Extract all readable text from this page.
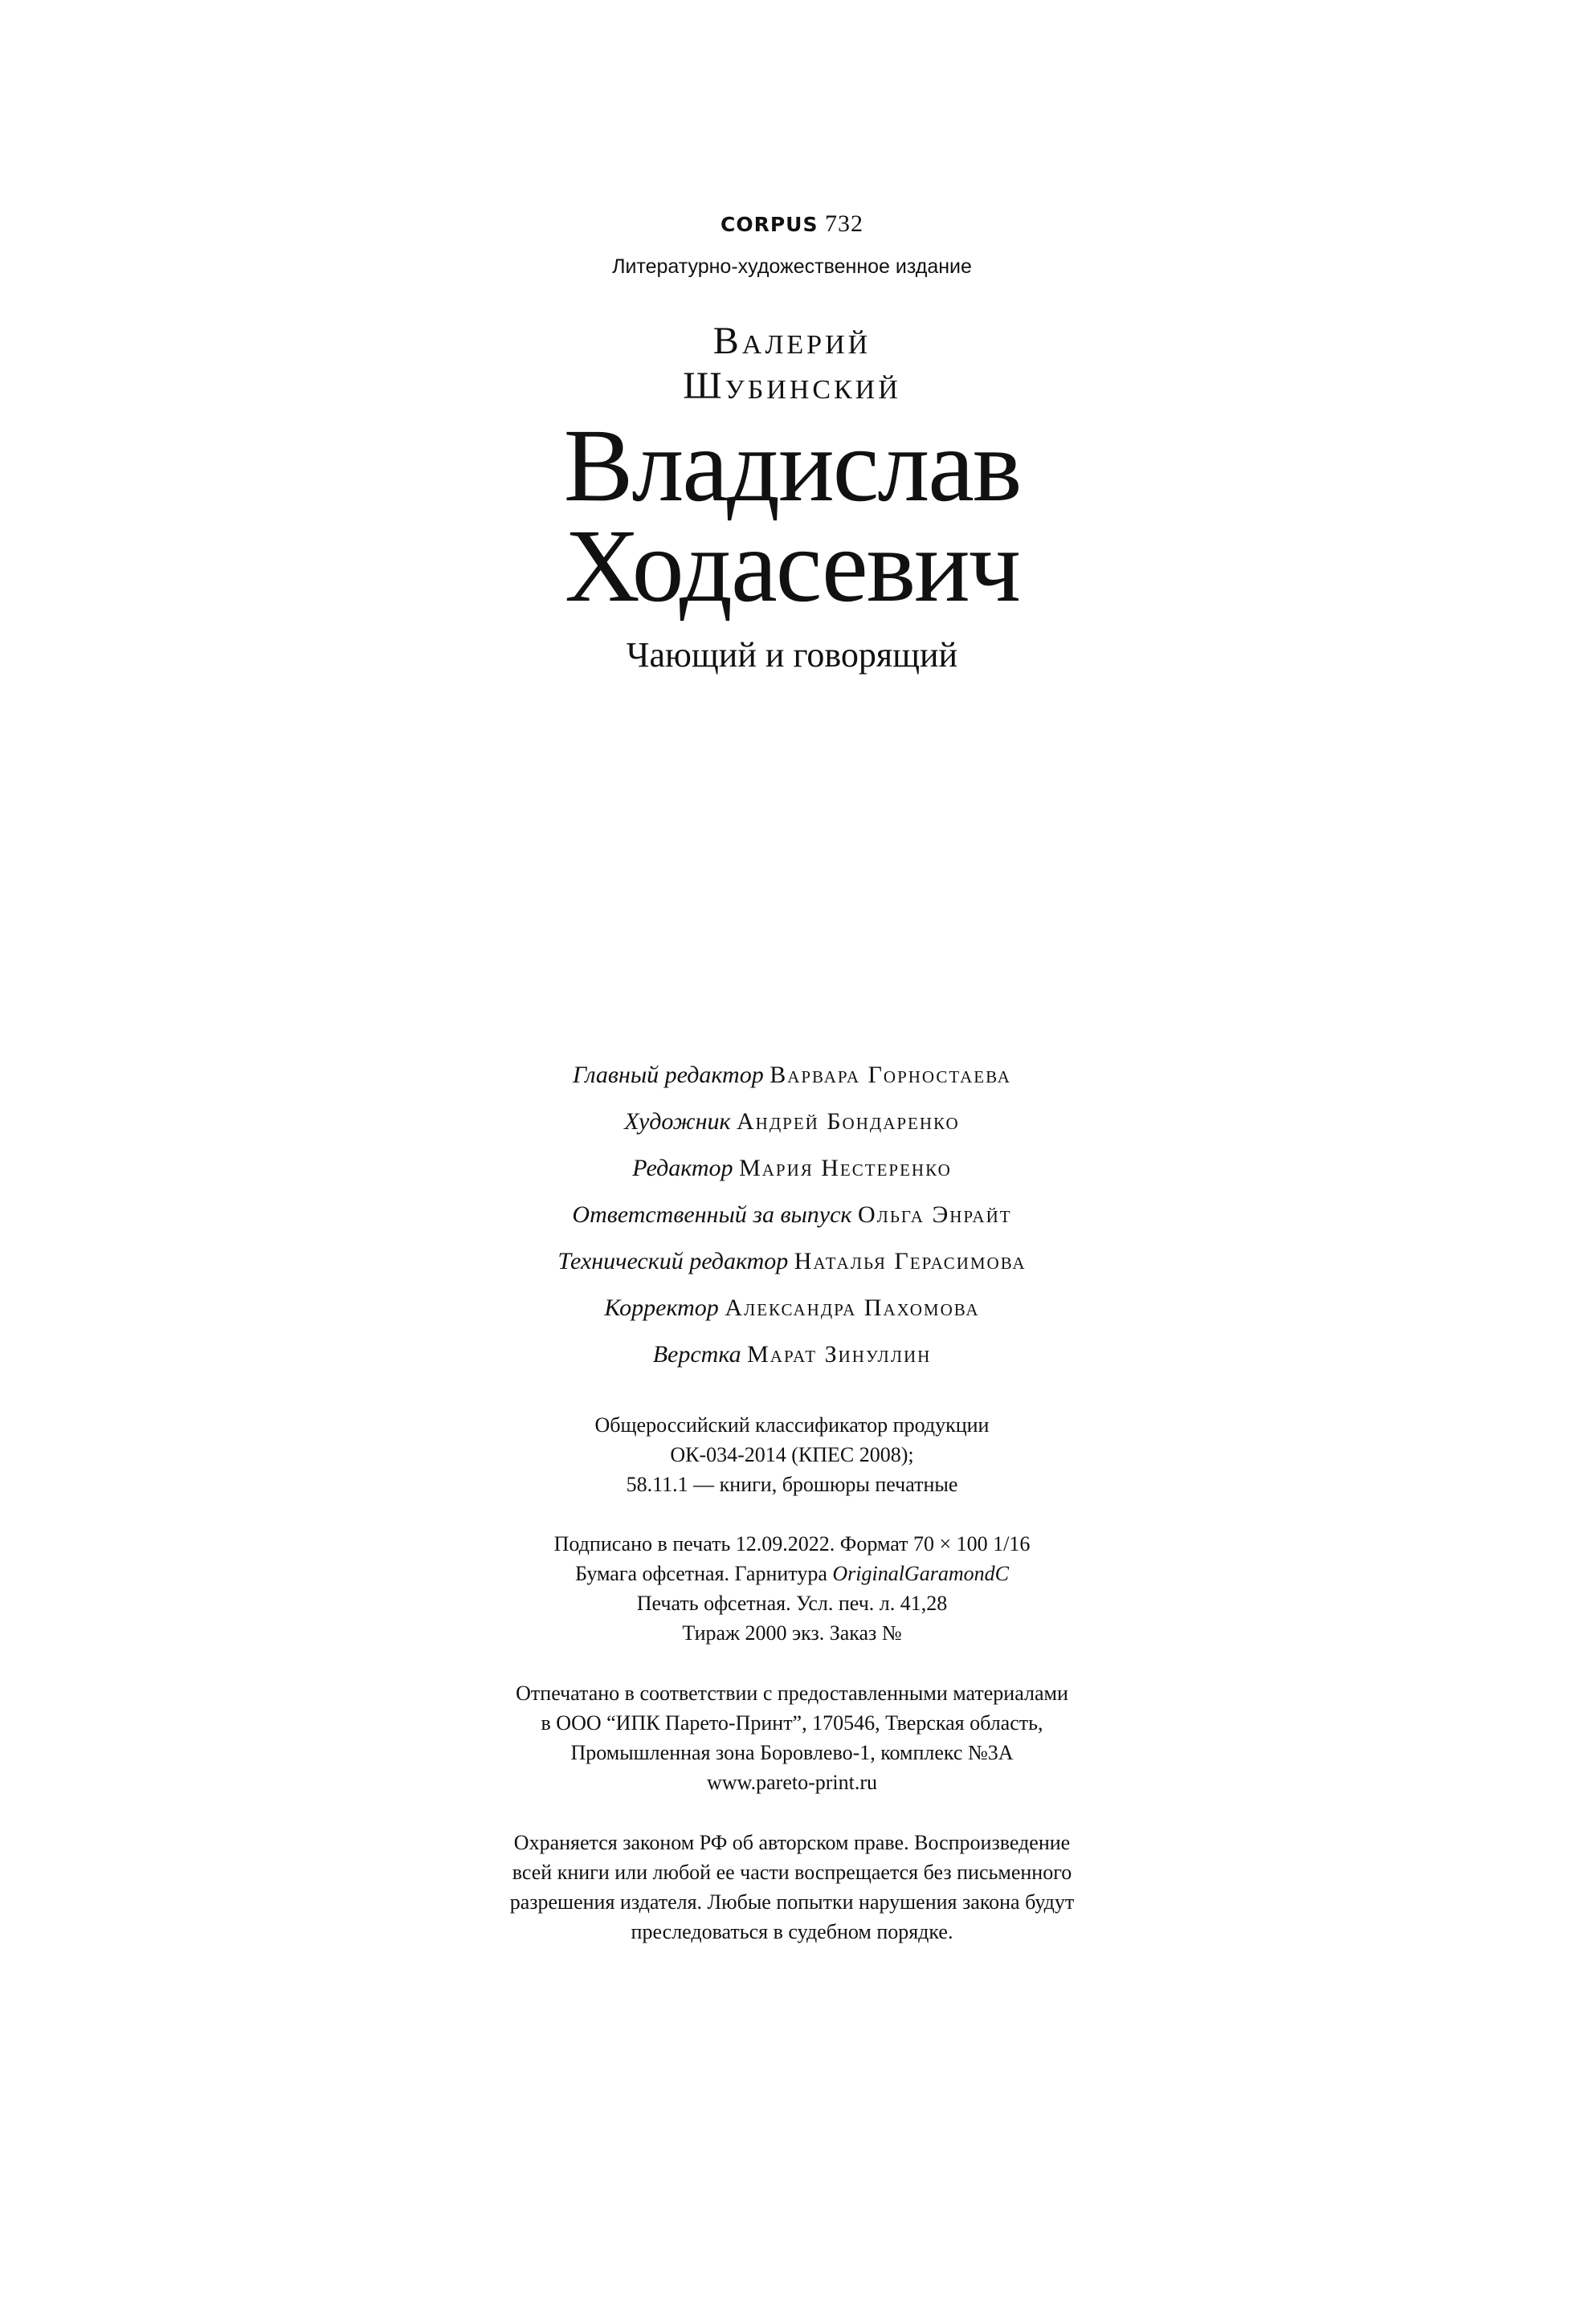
CORPUS 732
Литературно-художественное издание
Валерий
Шубинский
Владислав
Ходасевич
Чающий и говорящий
Главный редактор Варвара Горностаева
Художник Андрей Бондаренко
Редактор Мария Нестеренко
Ответственный за выпуск Ольга Энрайт
Технический редактор Наталья Герасимова
Корректор Александра Пахомова
Верстка Марат Зинуллин
Общероссийский классификатор продукции
ОК-034-2014 (КПЕС 2008);
58.11.1 — книги, брошюры печатные
Подписано в печать 12.09.2022. Формат 70 × 100 1/16
Бумага офсетная. Гарнитура OriginalGaramondC
Печать офсетная. Усл. печ. л. 41,28
Тираж 2000 экз. Заказ №
Отпечатано в соответствии с предоставленными материалами
в ООО “ИПК Парето-Принт”, 170546, Тверская область,
Промышленная зона Боровлево-1, комплекс №3А
www.pareto-print.ru
Охраняется законом РФ об авторском праве. Воспроизведение
всей книги или любой ее части воспрещается без письменного
разрешения издателя. Любые попытки нарушения закона будут
преследоваться в судебном порядке.
